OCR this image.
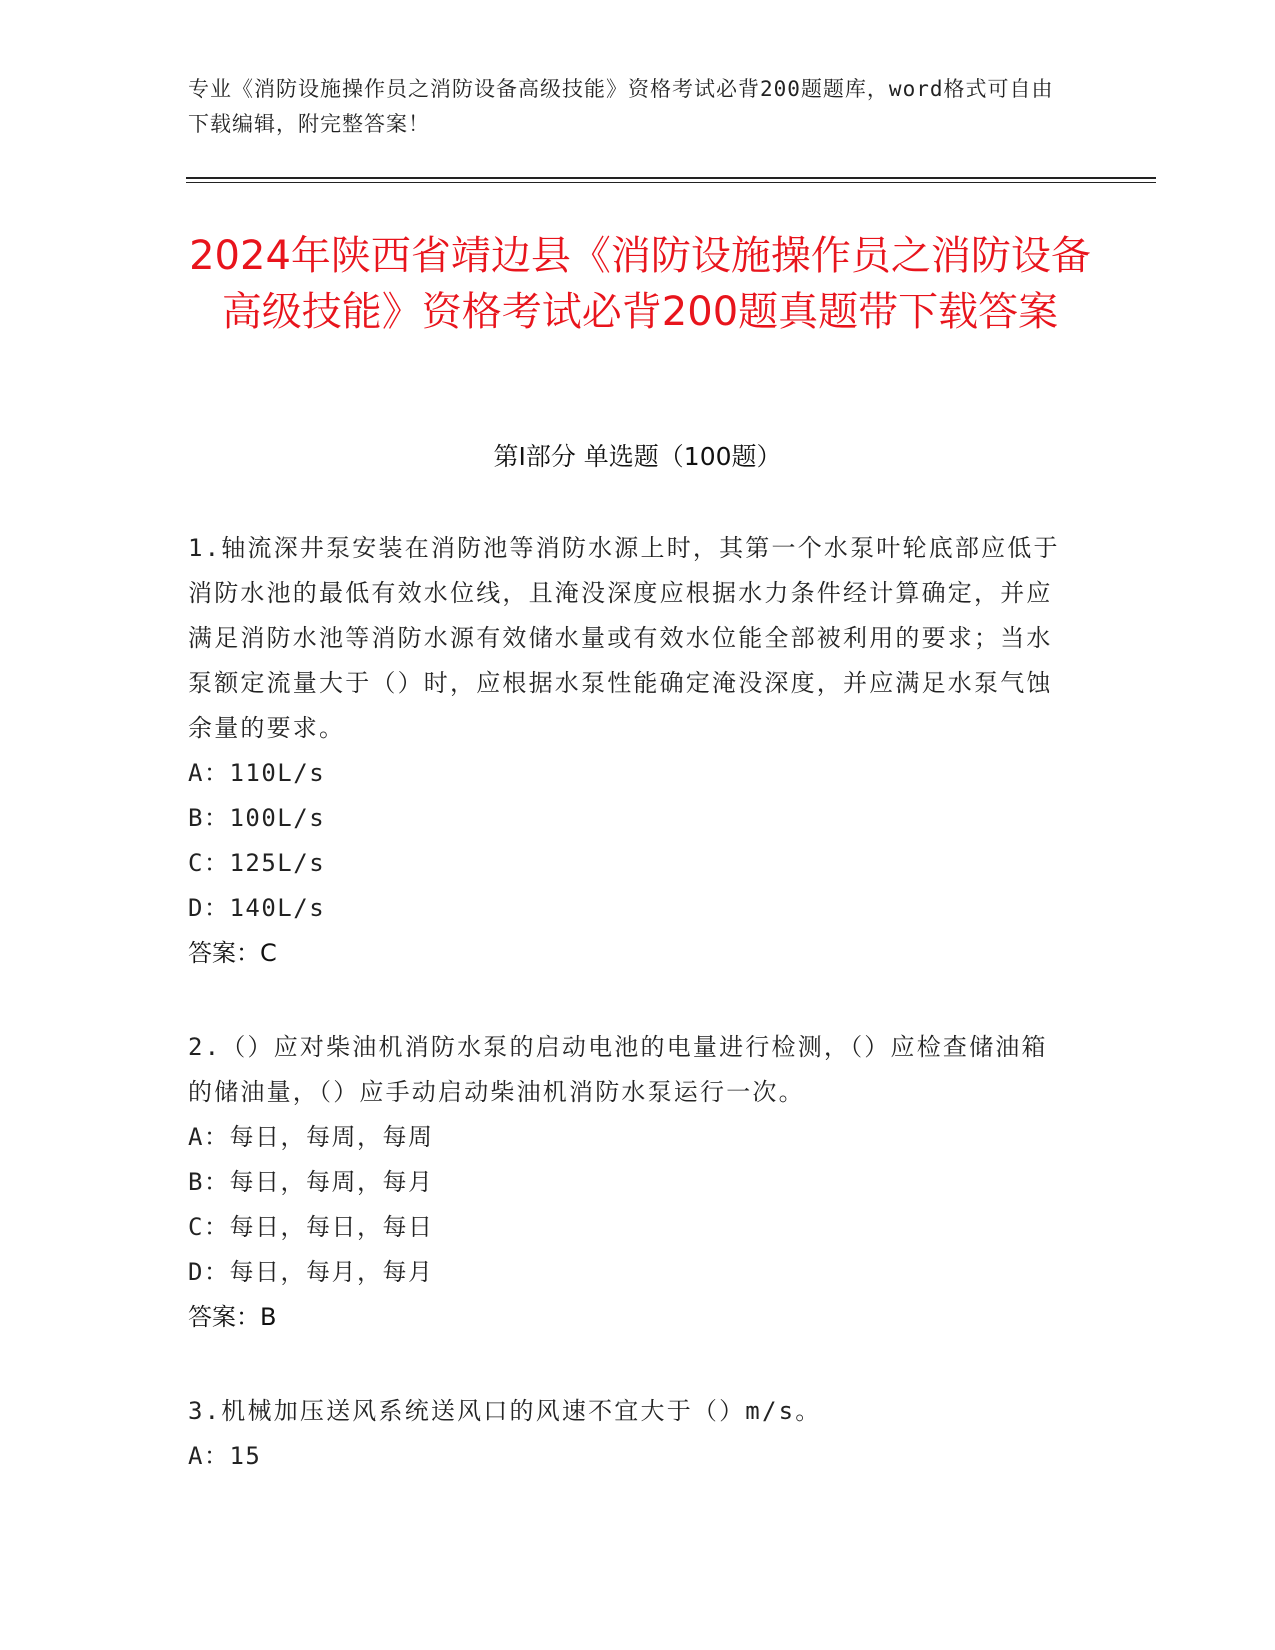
专业《消防设施操作员之消防设备高级技能》资格考试必背200题题库，word格式可自由下载编辑，附完整答案！
2024年陕西省靖边县《消防设施操作员之消防设备高级技能》资格考试必背200题真题带下载答案
第Ⅰ部分 单选题（100题）

1.轴流深井泵安装在消防池等消防水源上时，其第一个水泵叶轮底部应低于消防水池的最低有效水位线，且淹没深度应根据水力条件经计算确定，并应满足消防水池等消防水源有效储水量或有效水位能全部被利用的要求；当水泵额定流量大于（）时，应根据水泵性能确定淹没深度，并应满足水泵气蚀余量的要求。

A：110L/s

B：100L/s

C：125L/s

D：140L/s

答案：C

2.（）应对柴油机消防水泵的启动电池的电量进行检测，（）应检查储油箱的储油量，（）应手动启动柴油机消防水泵运行一次。

A：每日，每周，每周

B：每日，每周，每月

C：每日，每日，每日

D：每日，每月，每月

答案：B

3.机械加压送风系统送风口的风速不宜大于（）m/s。

A：15
